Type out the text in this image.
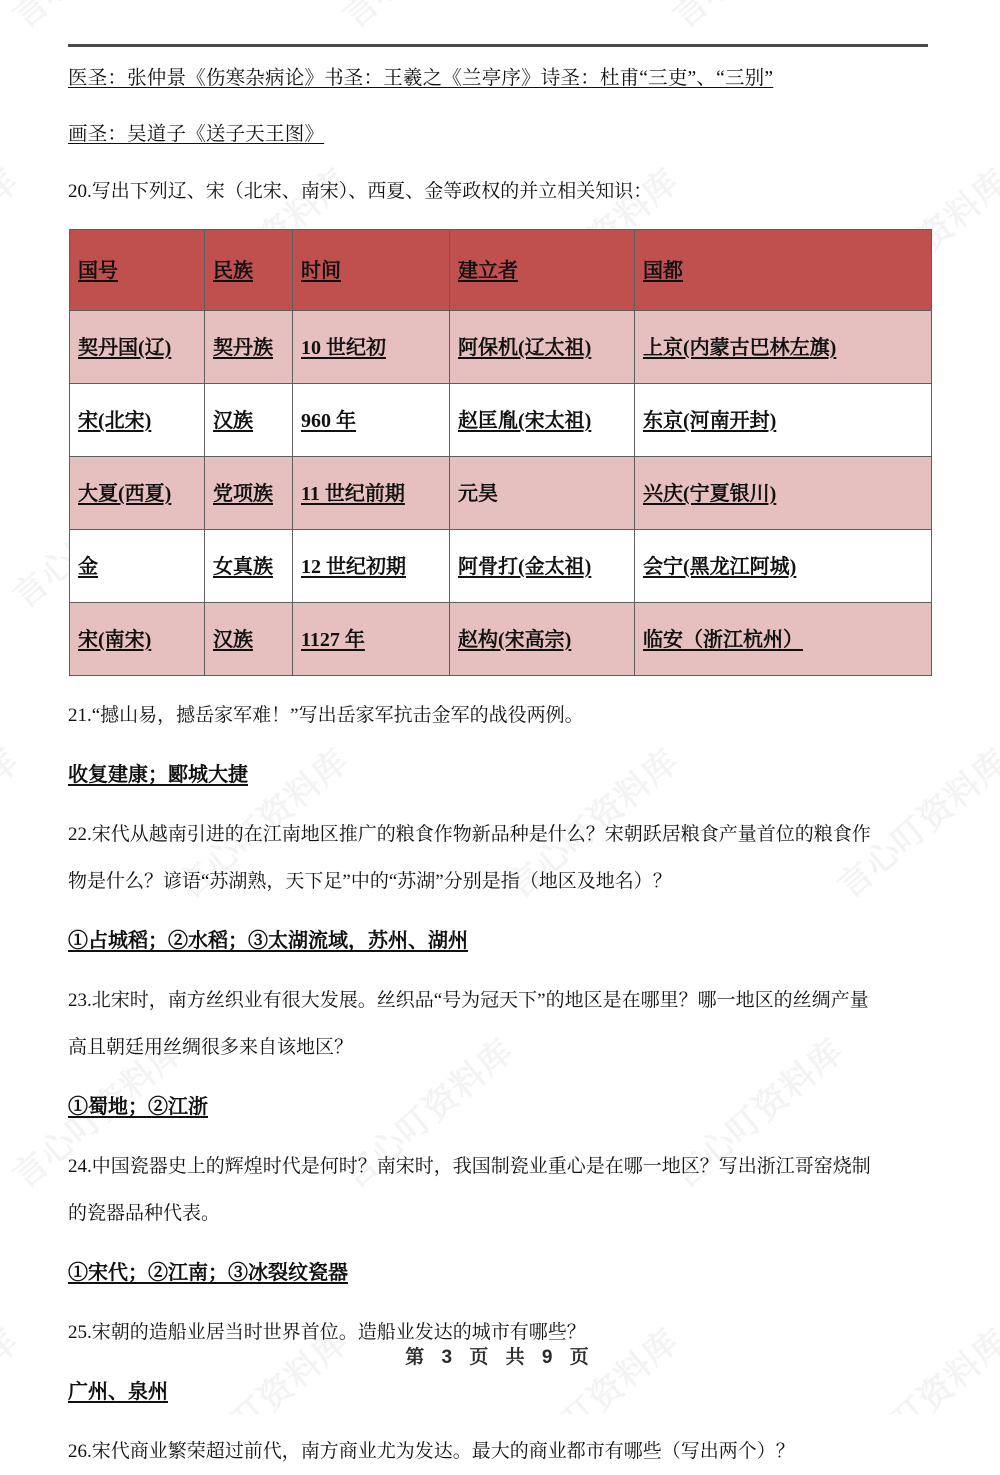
医圣：张仲景《伤寒杂病论》书圣：王羲之《兰亭序》诗圣：杜甫“三吏”、“三别”

画圣：吴道子《送子天王图》

20.写出下列辽、宋（北宋、南宋）、西夏、金等政权的并立相关知识：

国号	民族	时间	建立者	国都
契丹国(辽)	契丹族	10 世纪初	阿保机(辽太祖)	上京(内蒙古巴林左旗)
宋(北宋)	汉族	960 年	赵匡胤(宋太祖)	东京(河南开封)
大夏(西夏)	党项族	11 世纪前期	元昊	兴庆(宁夏银川)
金	女真族	12 世纪初期	阿骨打(金太祖)	会宁(黑龙江阿城)
宋(南宋)	汉族	1127 年	赵构(宋高宗)	临安（浙江杭州）

21.“撼山易，撼岳家军难！”写出岳家军抗击金军的战役两例。

收复建康；郾城大捷

22.宋代从越南引进的在江南地区推广的粮食作物新品种是什么？宋朝跃居粮食产量首位的粮食作

物是什么？谚语“苏湖熟，天下足”中的“苏湖”分别是指（地区及地名）？

①占城稻；②水稻；③太湖流域，苏州、湖州

23.北宋时，南方丝织业有很大发展。丝织品“号为冠天下”的地区是在哪里？哪一地区的丝绸产量

高且朝廷用丝绸很多来自该地区？

①蜀地；②江浙

24.中国瓷器史上的辉煌时代是何时？南宋时，我国制瓷业重心是在哪一地区？写出浙江哥窑烧制

的瓷器品种代表。

①宋代；②江南；③冰裂纹瓷器

25.宋朝的造船业居当时世界首位。造船业发达的城市有哪些？

广州、泉州

26.宋代商业繁荣超过前代，南方商业尤为发达。最大的商业都市有哪些（写出两个）？

第 3 页 共 9 页
